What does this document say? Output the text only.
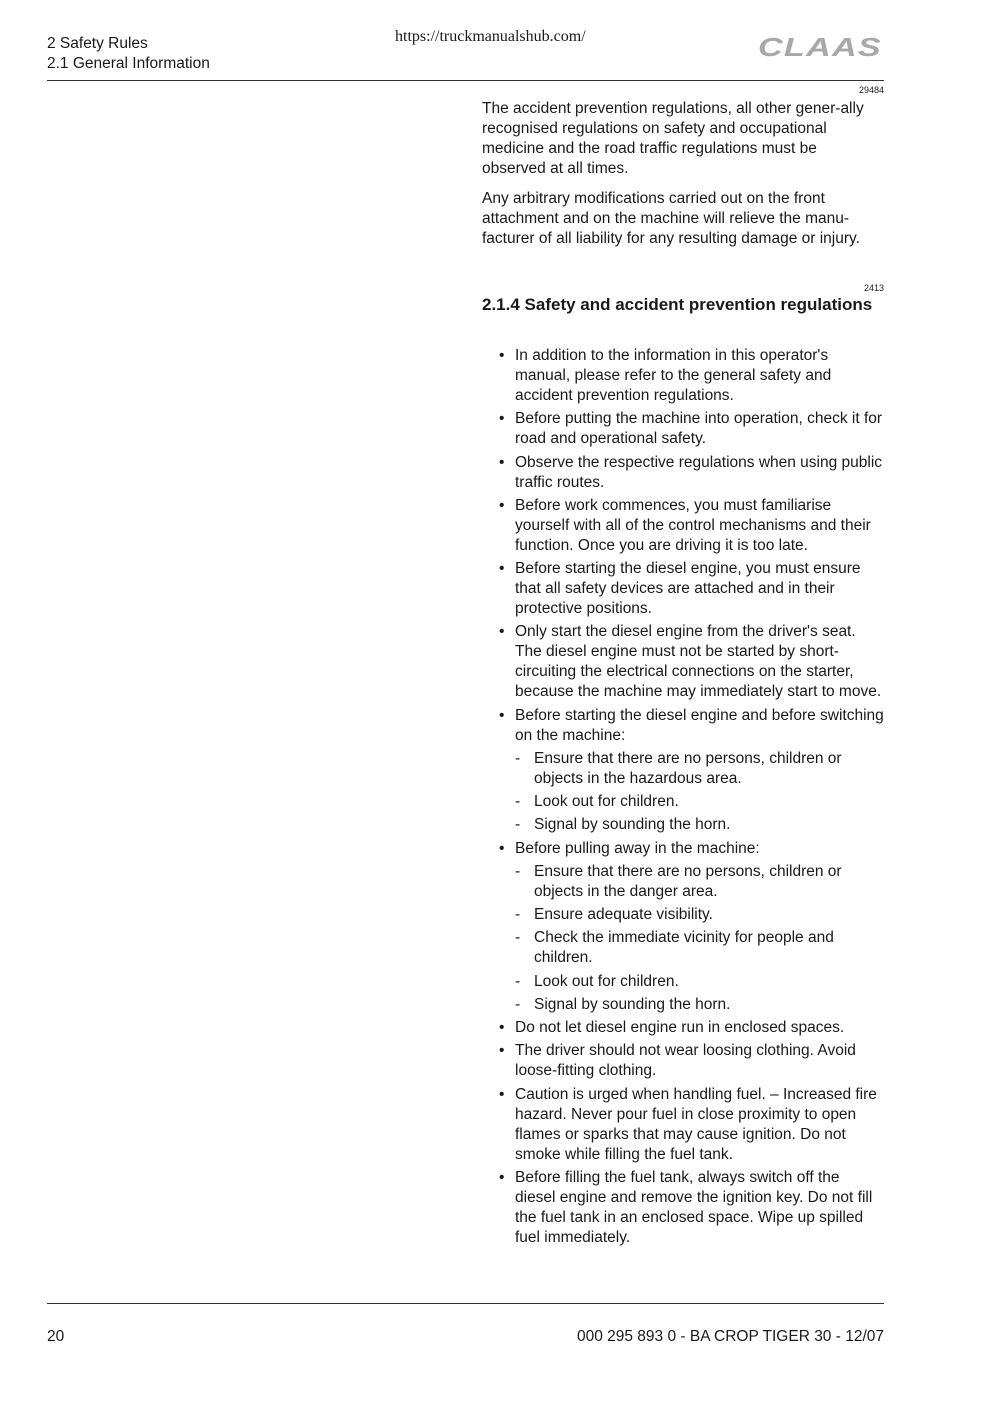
2 Safety Rules
2.1 General Information
https://truckmanualshub.com/	CLAAS
29484

The accident prevention regulations, all other gener-ally recognised regulations on safety and occupational medicine and the road traffic regulations must be observed at all times.

Any arbitrary modifications carried out on the front attachment and on the machine will relieve the manu-facturer of all liability for any resulting damage or injury.

2413
2.1.4 Safety and accident prevention regulations
• In addition to the information in this operator's manual, please refer to the general safety and accident prevention regulations.
• Before putting the machine into operation, check it for road and operational safety.
• Observe the respective regulations when using public traffic routes.
• Before work commences, you must familiarise yourself with all of the control mechanisms and their function. Once you are driving it is too late.
• Before starting the diesel engine, you must ensure that all safety devices are attached and in their protective positions.
• Only start the diesel engine from the driver's seat. The diesel engine must not be started by short-circuiting the electrical connections on the starter, because the machine may immediately start to move.
• Before starting the diesel engine and before switching on the machine:
- Ensure that there are no persons, children or objects in the hazardous area.
- Look out for children.
- Signal by sounding the horn.
• Before pulling away in the machine:
- Ensure that there are no persons, children or objects in the danger area.
- Ensure adequate visibility.
- Check the immediate vicinity for people and children.
- Look out for children.
- Signal by sounding the horn.
• Do not let diesel engine run in enclosed spaces.
• The driver should not wear loosing clothing. Avoid loose-fitting clothing.
• Caution is urged when handling fuel. – Increased fire hazard. Never pour fuel in close proximity to open flames or sparks that may cause ignition. Do not smoke while filling the fuel tank.
• Before filling the fuel tank, always switch off the diesel engine and remove the ignition key. Do not fill the fuel tank in an enclosed space. Wipe up spilled fuel immediately.
20	000 295 893 0 - BA CROP TIGER 30 - 12/07
